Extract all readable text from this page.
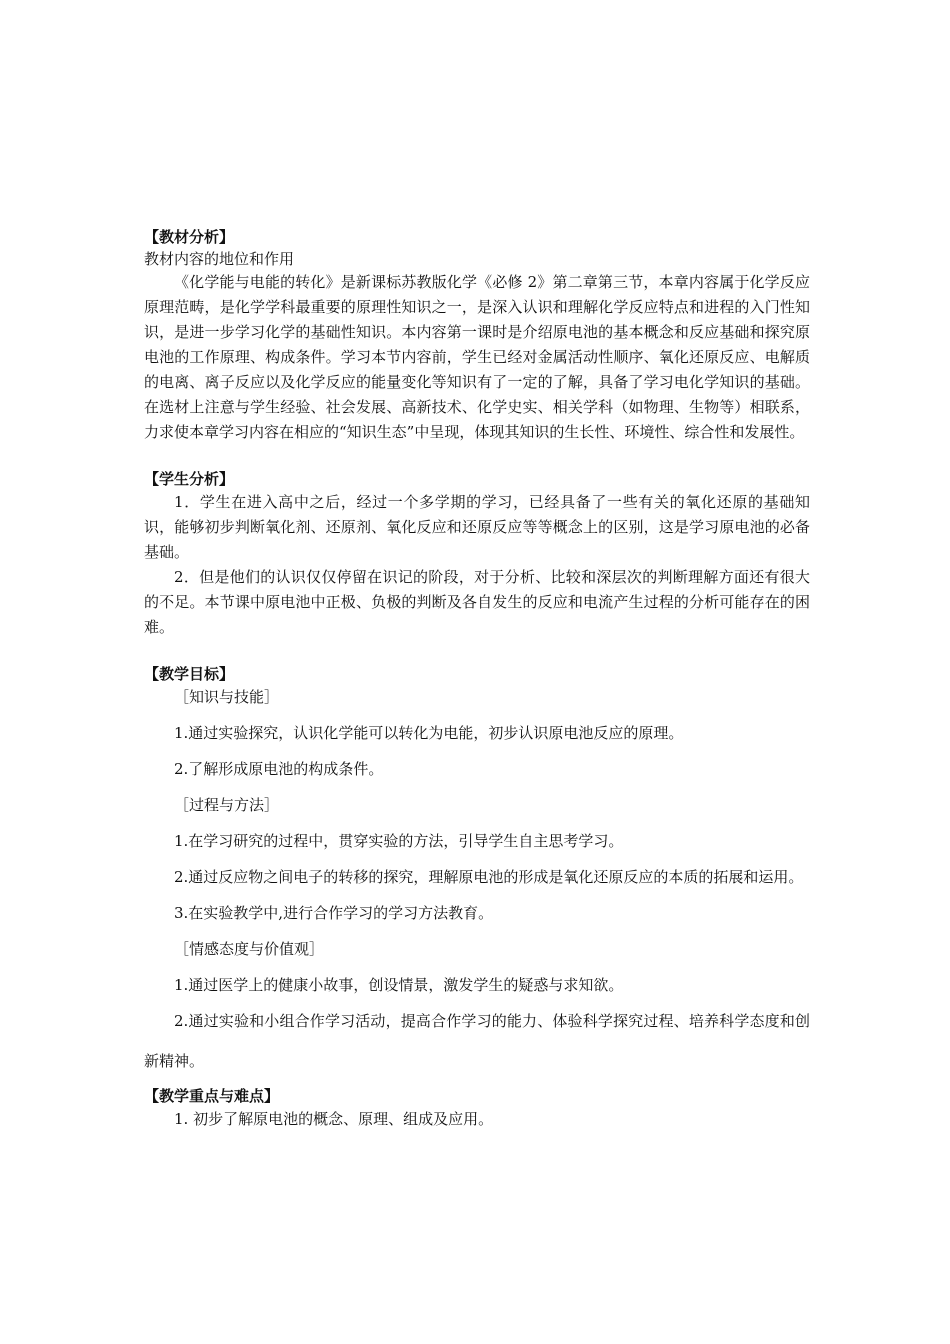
【教材分析】

教材内容的地位和作用

《化学能与电能的转化》是新课标苏教版化学《必修 2》第二章第三节，本章内容属于化学反应原理范畴，是化学学科最重要的原理性知识之一，是深入认识和理解化学反应特点和进程的入门性知识，是进一步学习化学的基础性知识。本内容第一课时是介绍原电池的基本概念和反应基础和探究原电池的工作原理、构成条件。学习本节内容前，学生已经对金属活动性顺序、氧化还原反应、电解质的电离、离子反应以及化学反应的能量变化等知识有了一定的了解，具备了学习电化学知识的基础。在选材上注意与学生经验、社会发展、高新技术、化学史实、相关学科（如物理、生物等）相联系，力求使本章学习内容在相应的“知识生态”中呈现，体现其知识的生长性、环境性、综合性和发展性。

【学生分析】

1．学生在进入高中之后，经过一个多学期的学习，已经具备了一些有关的氧化还原的基础知识，能够初步判断氧化剂、还原剂、氧化反应和还原反应等等概念上的区别，这是学习原电池的必备基础。

2．但是他们的认识仅仅停留在识记的阶段，对于分析、比较和深层次的判断理解方面还有很大的不足。本节课中原电池中正极、负极的判断及各自发生的反应和电流产生过程的分析可能存在的困难。

【教学目标】

［知识与技能］

1.通过实验探究，认识化学能可以转化为电能，初步认识原电池反应的原理。

2.了解形成原电池的构成条件。

［过程与方法］

1.在学习研究的过程中，贯穿实验的方法，引导学生自主思考学习。

2.通过反应物之间电子的转移的探究，理解原电池的形成是氧化还原反应的本质的拓展和运用。

3.在实验教学中,进行合作学习的学习方法教育。

［情感态度与价值观］

1.通过医学上的健康小故事，创设情景，激发学生的疑惑与求知欲。

2.通过实验和小组合作学习活动，提高合作学习的能力、体验科学探究过程、培养科学态度和创新精神。

【教学重点与难点】

1. 初步了解原电池的概念、原理、组成及应用。
